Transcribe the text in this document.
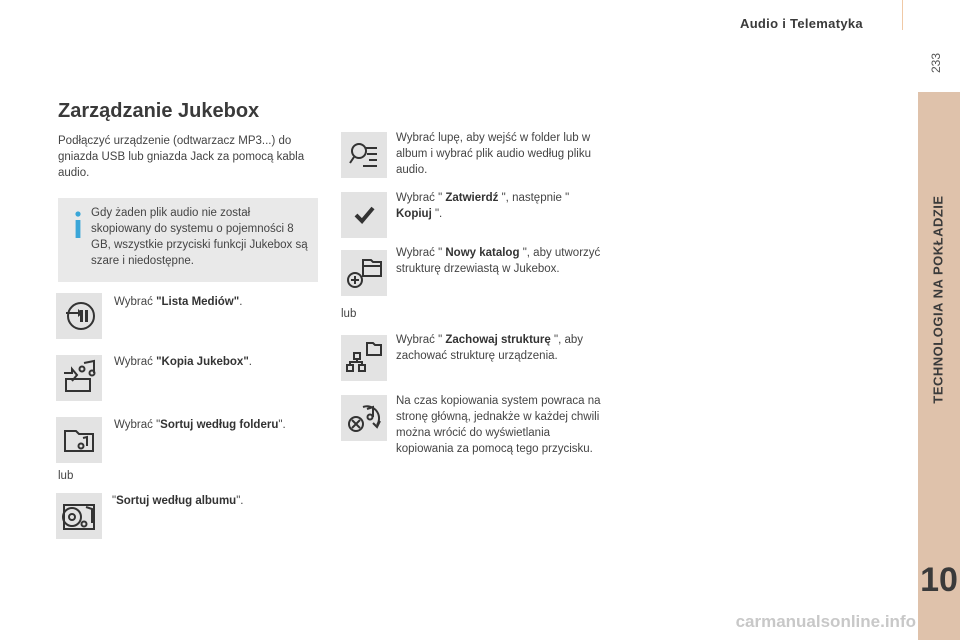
Audio i Telematyka
233
TECHNOLOGIA NA POKŁADZIE
10
Zarządzanie Jukebox
Podłączyć urządzenie (odtwarzacz MP3...) do gniazda USB lub gniazda Jack za pomocą kabla audio.
Gdy żaden plik audio nie został skopiowany do systemu o pojemności 8 GB, wszystkie przyciski funkcji Jukebox są szare i niedostępne.
Wybrać "Lista Mediów".
Wybrać "Kopia Jukebox".
Wybrać "Sortuj według folderu".
lub
"Sortuj według albumu".
lub
Wybrać lupę, aby wejść w folder lub w album i wybrać plik audio według pliku audio.
Wybrać " Zatwierdź ", następnie " Kopiuj ".
Wybrać " Nowy katalog ", aby utworzyć strukturę drzewiastą w Jukebox.
Wybrać " Zachowaj strukturę ", aby zachować strukturę urządzenia.
Na czas kopiowania system powraca na stronę główną, jednakże w każdej chwili można wrócić do wyświetlania kopiowania za pomocą tego przycisku.
carmanualsonline.info
